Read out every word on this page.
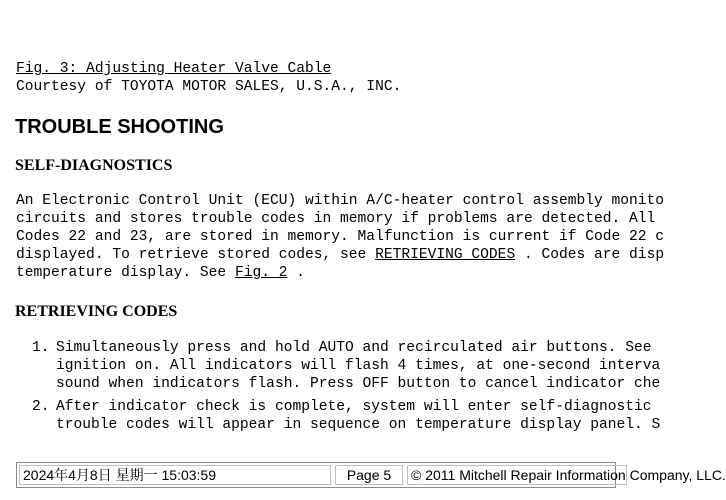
Fig. 3: Adjusting Heater Valve Cable
Courtesy of TOYOTA MOTOR SALES, U.S.A., INC.
TROUBLE SHOOTING
SELF-DIAGNOSTICS
An Electronic Control Unit (ECU) within A/C-heater control assembly monito
circuits and stores trouble codes in memory if problems are detected. All
Codes 22 and 23, are stored in memory. Malfunction is current if Code 22 c
displayed. To retrieve stored codes, see RETRIEVING CODES . Codes are disp
temperature display. See Fig. 2 .
RETRIEVING CODES
1. Simultaneously press and hold AUTO and recirculated air buttons. See
ignition on. All indicators will flash 4 times, at one-second interva
sound when indicators flash. Press OFF button to cancel indicator che
2. After indicator check is complete, system will enter self-diagnostic
trouble codes will appear in sequence on temperature display panel. S
2024年4月8日 星期一 15:03:59	Page 5	© 2011 Mitchell Repair Information Company, LLC.
